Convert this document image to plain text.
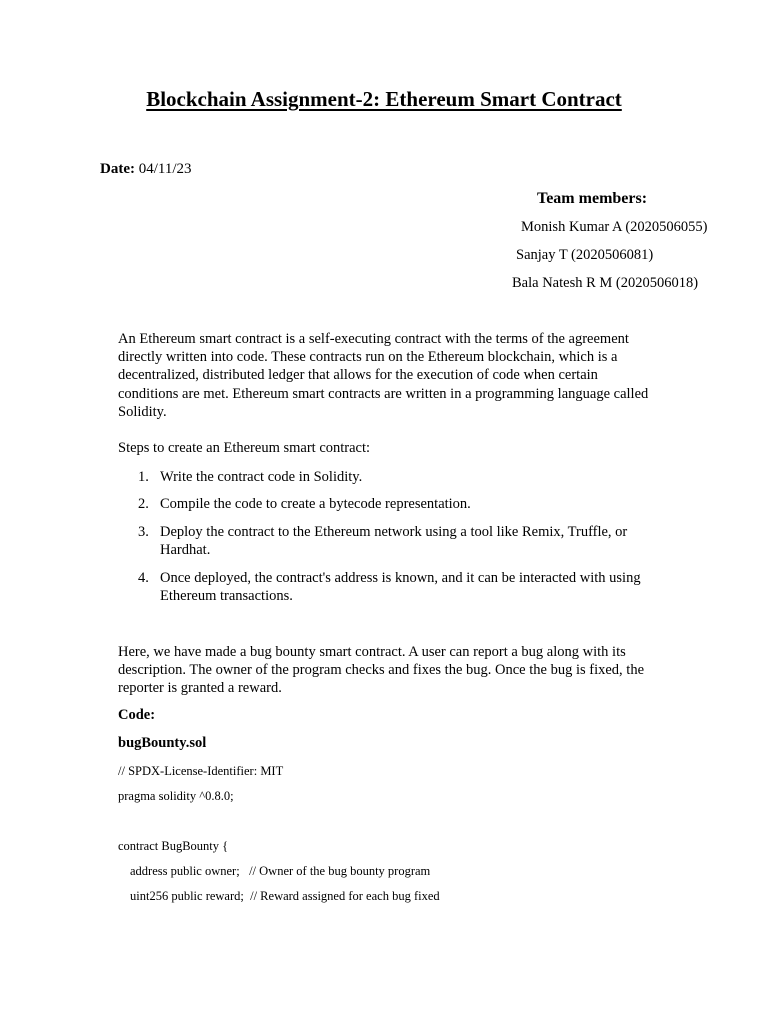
Blockchain Assignment-2: Ethereum Smart Contract
Date: 04/11/23
Team members:
Monish Kumar A (2020506055)
Sanjay T (2020506081)
Bala Natesh R M (2020506018)
An Ethereum smart contract is a self-executing contract with the terms of the agreement directly written into code. These contracts run on the Ethereum blockchain, which is a decentralized, distributed ledger that allows for the execution of code when certain conditions are met. Ethereum smart contracts are written in a programming language called Solidity.
Steps to create an Ethereum smart contract:
1. Write the contract code in Solidity.
2. Compile the code to create a bytecode representation.
3. Deploy the contract to the Ethereum network using a tool like Remix, Truffle, or Hardhat.
4. Once deployed, the contract's address is known, and it can be interacted with using Ethereum transactions.
Here, we have made a bug bounty smart contract. A user can report a bug along with its description. The owner of the program checks and fixes the bug. Once the bug is fixed, the reporter is granted a reward.
Code:
bugBounty.sol
// SPDX-License-Identifier: MIT
pragma solidity ^0.8.0;
contract BugBounty {
address public owner;   // Owner of the bug bounty program
uint256 public reward;  // Reward assigned for each bug fixed
